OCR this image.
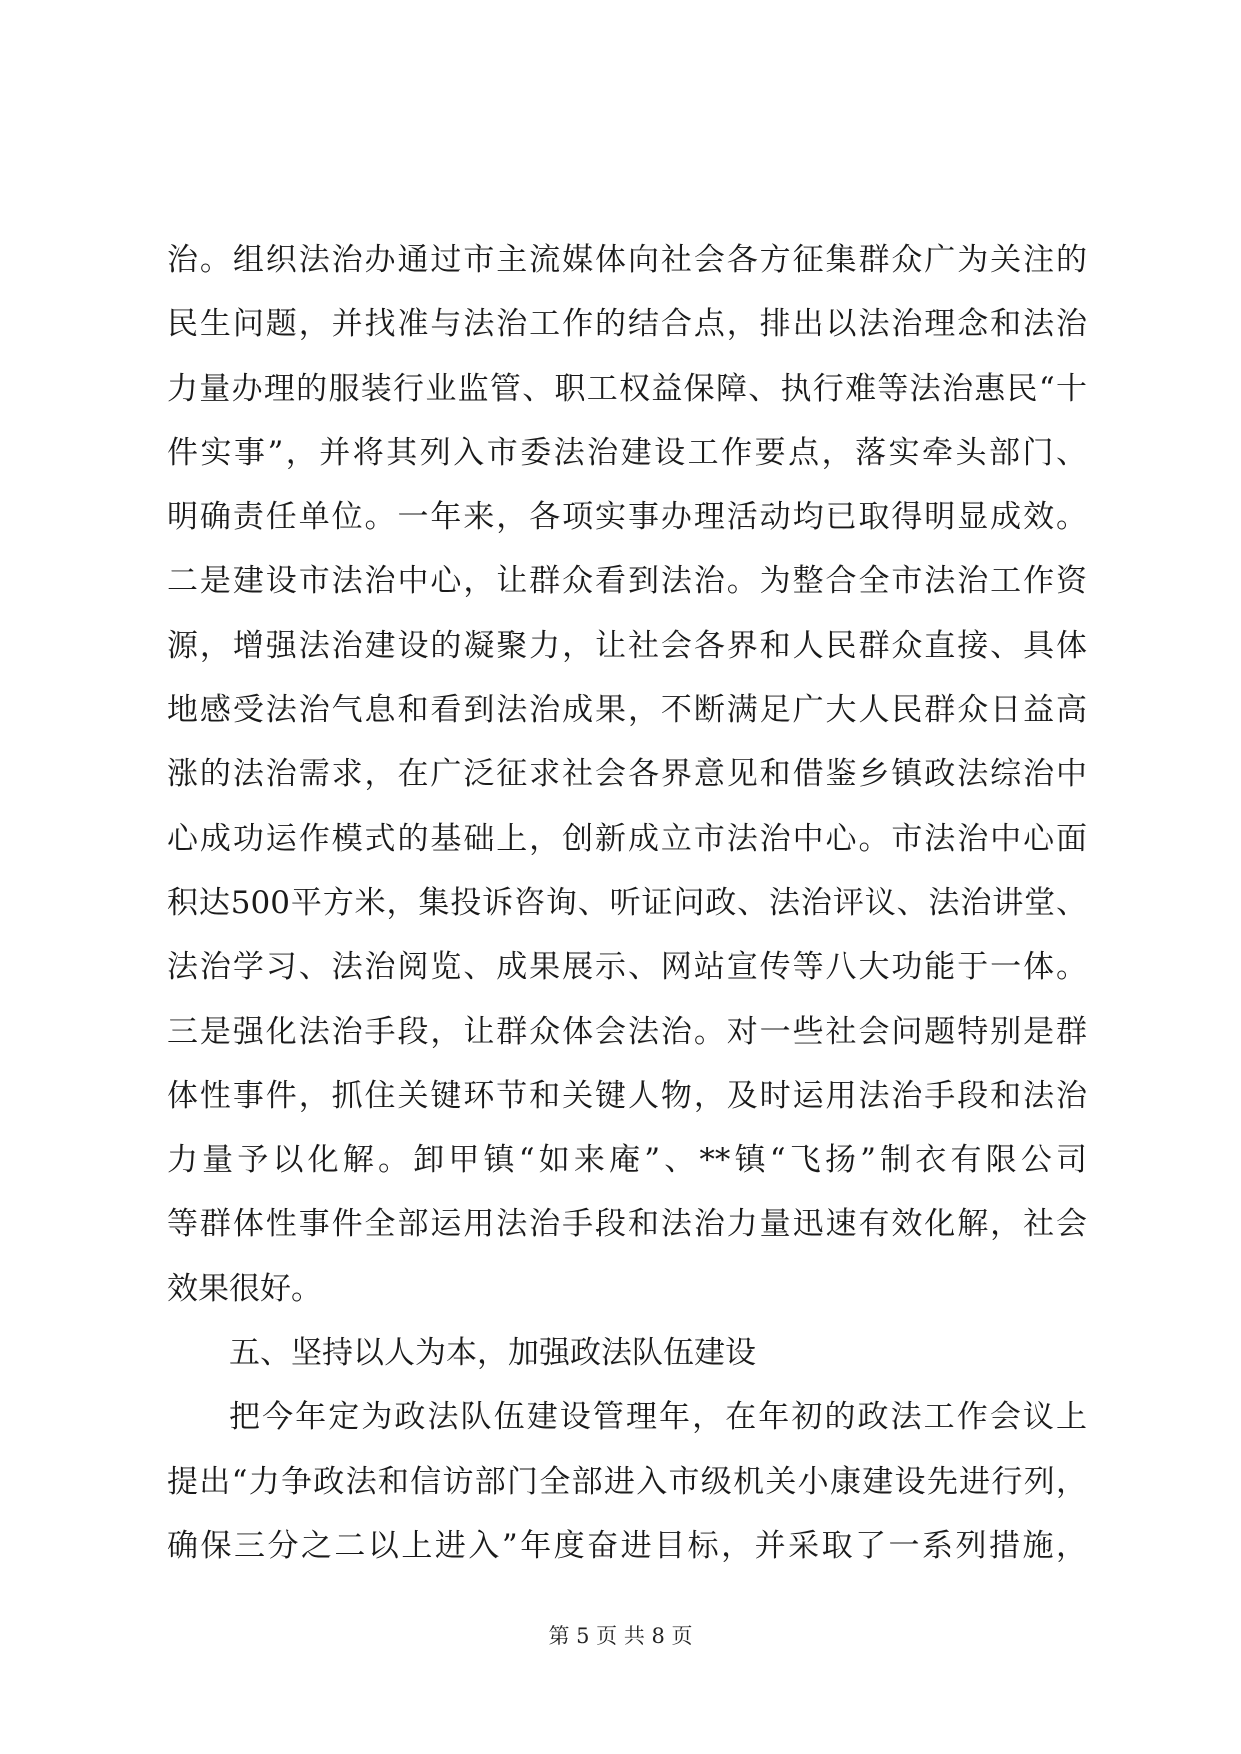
治。组织法治办通过市主流媒体向社会各方征集群众广为关注的
民生问题，并找准与法治工作的结合点，排出以法治理念和法治
力量办理的服装行业监管、职工权益保障、执行难等法治惠民“十
件实事”，并将其列入市委法治建设工作要点，落实牵头部门、
明确责任单位。一年来，各项实事办理活动均已取得明显成效。
二是建设市法治中心，让群众看到法治。为整合全市法治工作资
源，增强法治建设的凝聚力，让社会各界和人民群众直接、具体
地感受法治气息和看到法治成果，不断满足广大人民群众日益高
涨的法治需求，在广泛征求社会各界意见和借鉴乡镇政法综治中
心成功运作模式的基础上，创新成立市法治中心。市法治中心面
积达500平方米，集投诉咨询、听证问政、法治评议、法治讲堂、
法治学习、法治阅览、成果展示、网站宣传等八大功能于一体。
三是强化法治手段，让群众体会法治。对一些社会问题特别是群
体性事件，抓住关键环节和关键人物，及时运用法治手段和法治
力量予以化解。卸甲镇“如来庵”、**镇“飞扬”制衣有限公司
等群体性事件全部运用法治手段和法治力量迅速有效化解，社会
效果很好。
五、坚持以人为本，加强政法队伍建设
把今年定为政法队伍建设管理年，在年初的政法工作会议上
提出“力争政法和信访部门全部进入市级机关小康建设先进行列，
确保三分之二以上进入”年度奋进目标，并采取了一系列措施，
第 5 页 共 8 页
